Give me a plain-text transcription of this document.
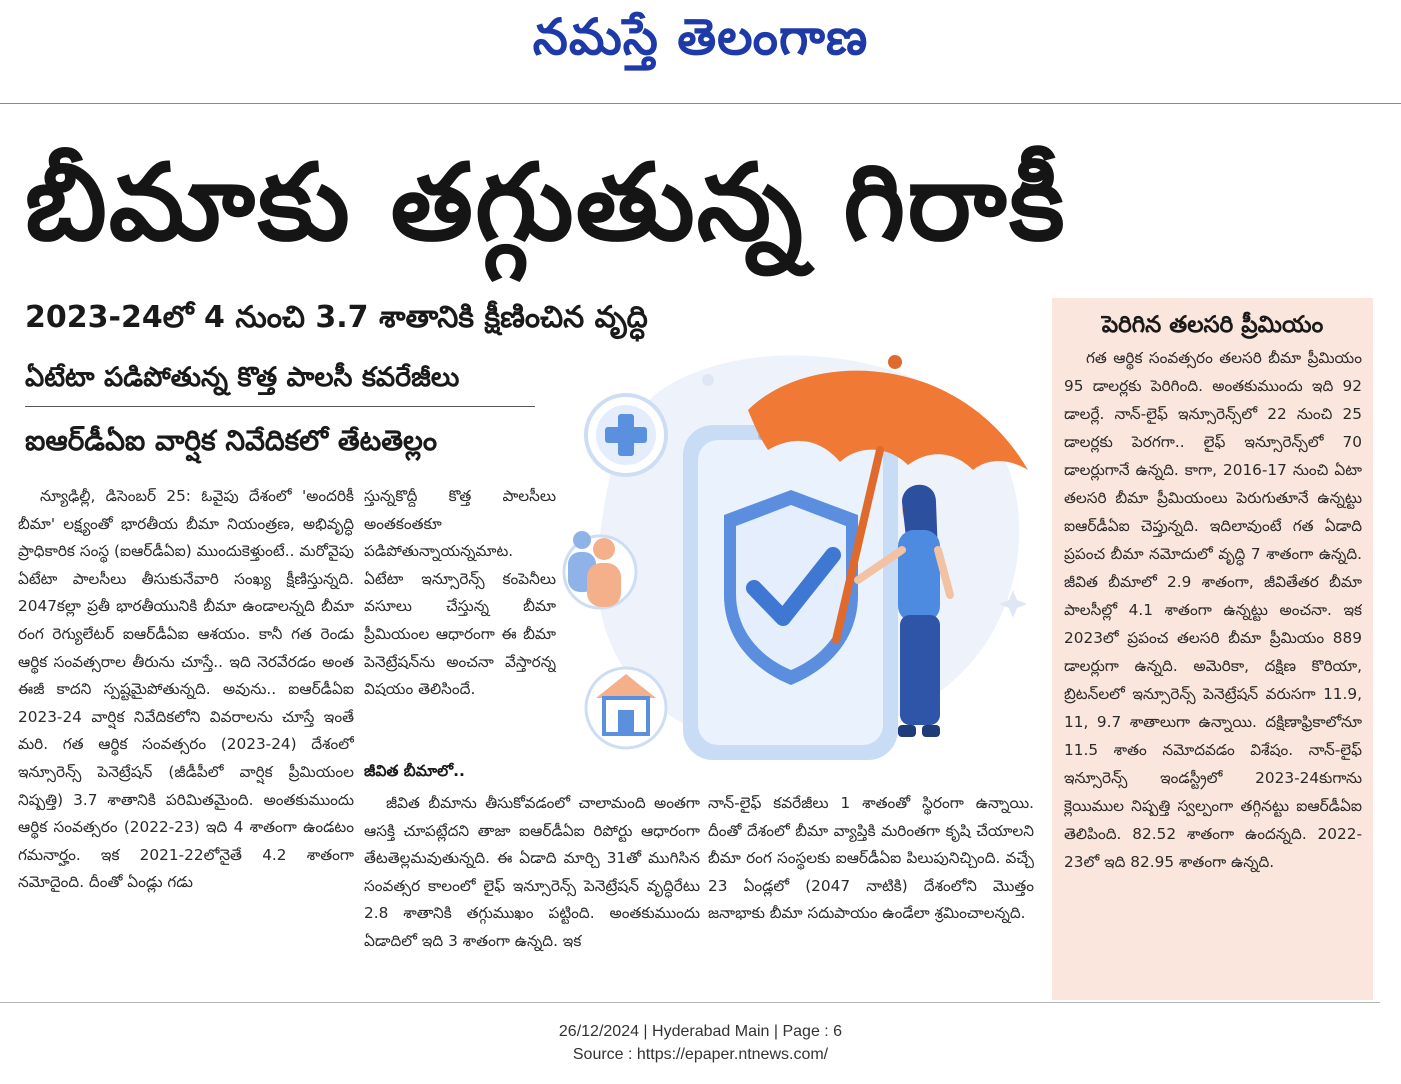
నమస్తే తెలంగాణ
బీమాకు తగ్గుతున్న గిరాకీ
2023-24లో 4 నుంచి 3.7 శాతానికి క్షీణించిన వృద్ధి
ఏటేటా పడిపోతున్న కొత్త పాలసీ కవరేజీలు
ఐఆర్‌డీఏఐ వార్షిక నివేదికలో తేటతెల్లం

న్యూఢిల్లీ, డిసెంబర్ 25: ఓవైపు దేశంలో 'అందరికీ బీమా' లక్ష్యంతో భారతీయ బీమా నియంత్రణ, అభివృద్ధి ప్రాధికారిక సంస్థ (ఐఆర్‌డీఏఐ) ముందుకెళ్తుంటే.. మరోవైపు ఏటేటా పాలసీలు తీసుకునేవారి సంఖ్య క్షీణిస్తున్నది. 2047కల్లా ప్రతీ భారతీయునికి బీమా ఉండాలన్నది బీమా రంగ రెగ్యులేటర్ ఐఆర్‌డీఏఐ ఆశయం. కానీ గత రెండు ఆర్థిక సంవత్సరాల తీరును చూస్తే.. ఇది నెరవేరడం అంత ఈజీ కాదని స్పష్టమైపోతున్నది. అవును.. ఐఆర్‌డీఏఐ 2023-24 వార్షిక నివేదికలోని వివరాలను చూస్తే ఇంతే మరి. గత ఆర్థిక సంవత్సరం (2023-24) దేశంలో ఇన్సూరెన్స్ పెనెట్రేషన్ (జీడీపీలో వార్షిక ప్రీమియంల నిష్పత్తి) 3.7 శాతానికి పరిమితమైంది. అంతకుముందు ఆర్థిక సంవత్సరం (2022-23) ఇది 4 శాతంగా ఉండటం గమనార్హం. ఇక 2021-22లోనైతే 4.2 శాతంగా నమోదైంది. దీంతో ఏండ్లు గడు

స్తున్నకొద్దీ కొత్త పాలసీలు అంతకంతకూ పడిపోతున్నాయన్నమాట. ఏటేటా ఇన్సూరెన్స్ కంపెనీలు వసూలు చేస్తున్న బీమా ప్రీమియంల ఆధారంగా ఈ బీమా పెనెట్రేషన్‌ను అంచనా వేస్తారన్న విషయం తెలిసిందే.

జీవిత బీమాలో..

జీవిత బీమాను తీసుకోవడంలో చాలామంది అంతగా ఆసక్తి చూపట్లేదని తాజా ఐఆర్‌డీఏఐ రిపోర్టు ఆధారంగా తేటతెల్లమవుతున్నది. ఈ ఏడాది మార్చి 31తో ముగిసిన సంవత్సర కాలంలో లైఫ్ ఇన్సూరెన్స్ పెనెట్రేషన్ వృద్ధిరేటు 2.8 శాతానికి తగ్గుముఖం పట్టింది. అంతకుముందు ఏడాదిలో ఇది 3 శాతంగా ఉన్నది. ఇక

నాన్-లైఫ్ కవరేజీలు 1 శాతంతో స్థిరంగా ఉన్నాయి. దీంతో దేశంలో బీమా వ్యాప్తికి మరింతగా కృషి చేయాలని బీమా రంగ సంస్థలకు ఐఆర్‌డీఏఐ పిలుపునిచ్చింది. వచ్చే 23 ఏండ్లలో (2047 నాటికి) దేశంలోని మొత్తం జనాభాకు బీమా సదుపాయం ఉండేలా శ్రమించాలన్నది.

పెరిగిన తలసరి ప్రీమియం

గత ఆర్థిక సంవత్సరం తలసరి బీమా ప్రీమియం 95 డాలర్లకు పెరిగింది. అంతకుముందు ఇది 92 డాలర్లే. నాన్-లైఫ్ ఇన్సూరెన్స్‌లో 22 నుంచి 25 డాలర్లకు పెరగగా.. లైఫ్ ఇన్సూరెన్స్‌లో 70 డాలర్లుగానే ఉన్నది. కాగా, 2016-17 నుంచి ఏటా తలసరి బీమా ప్రీమియంలు పెరుగుతూనే ఉన్నట్టు ఐఆర్‌డీఏఐ చెప్తున్నది. ఇదిలావుంటే గత ఏడాది ప్రపంచ బీమా నమోదులో వృద్ధి 7 శాతంగా ఉన్నది. జీవిత బీమాలో 2.9 శాతంగా, జీవితేతర బీమా పాలసీల్లో 4.1 శాతంగా ఉన్నట్టు అంచనా. ఇక 2023లో ప్రపంచ తలసరి బీమా ప్రీమియం 889 డాలర్లుగా ఉన్నది. అమెరికా, దక్షిణ కొరియా, బ్రిటన్‌లలో ఇన్సూరెన్స్ పెనెట్రేషన్ వరుసగా 11.9, 11, 9.7 శాతాలుగా ఉన్నాయి. దక్షిణాఫ్రికాలోనూ 11.5 శాతం నమోదవడం విశేషం. నాన్-లైఫ్ ఇన్సూరెన్స్ ఇండస్ట్రీలో 2023-24కుగాను క్లెయిముల నిష్పత్తి స్వల్పంగా తగ్గినట్టు ఐఆర్‌డీఏఐ తెలిపింది. 82.52 శాతంగా ఉందన్నది. 2022-23లో ఇది 82.95 శాతంగా ఉన్నది.

26/12/2024 | Hyderabad Main | Page : 6
Source : https://epaper.ntnews.com/
